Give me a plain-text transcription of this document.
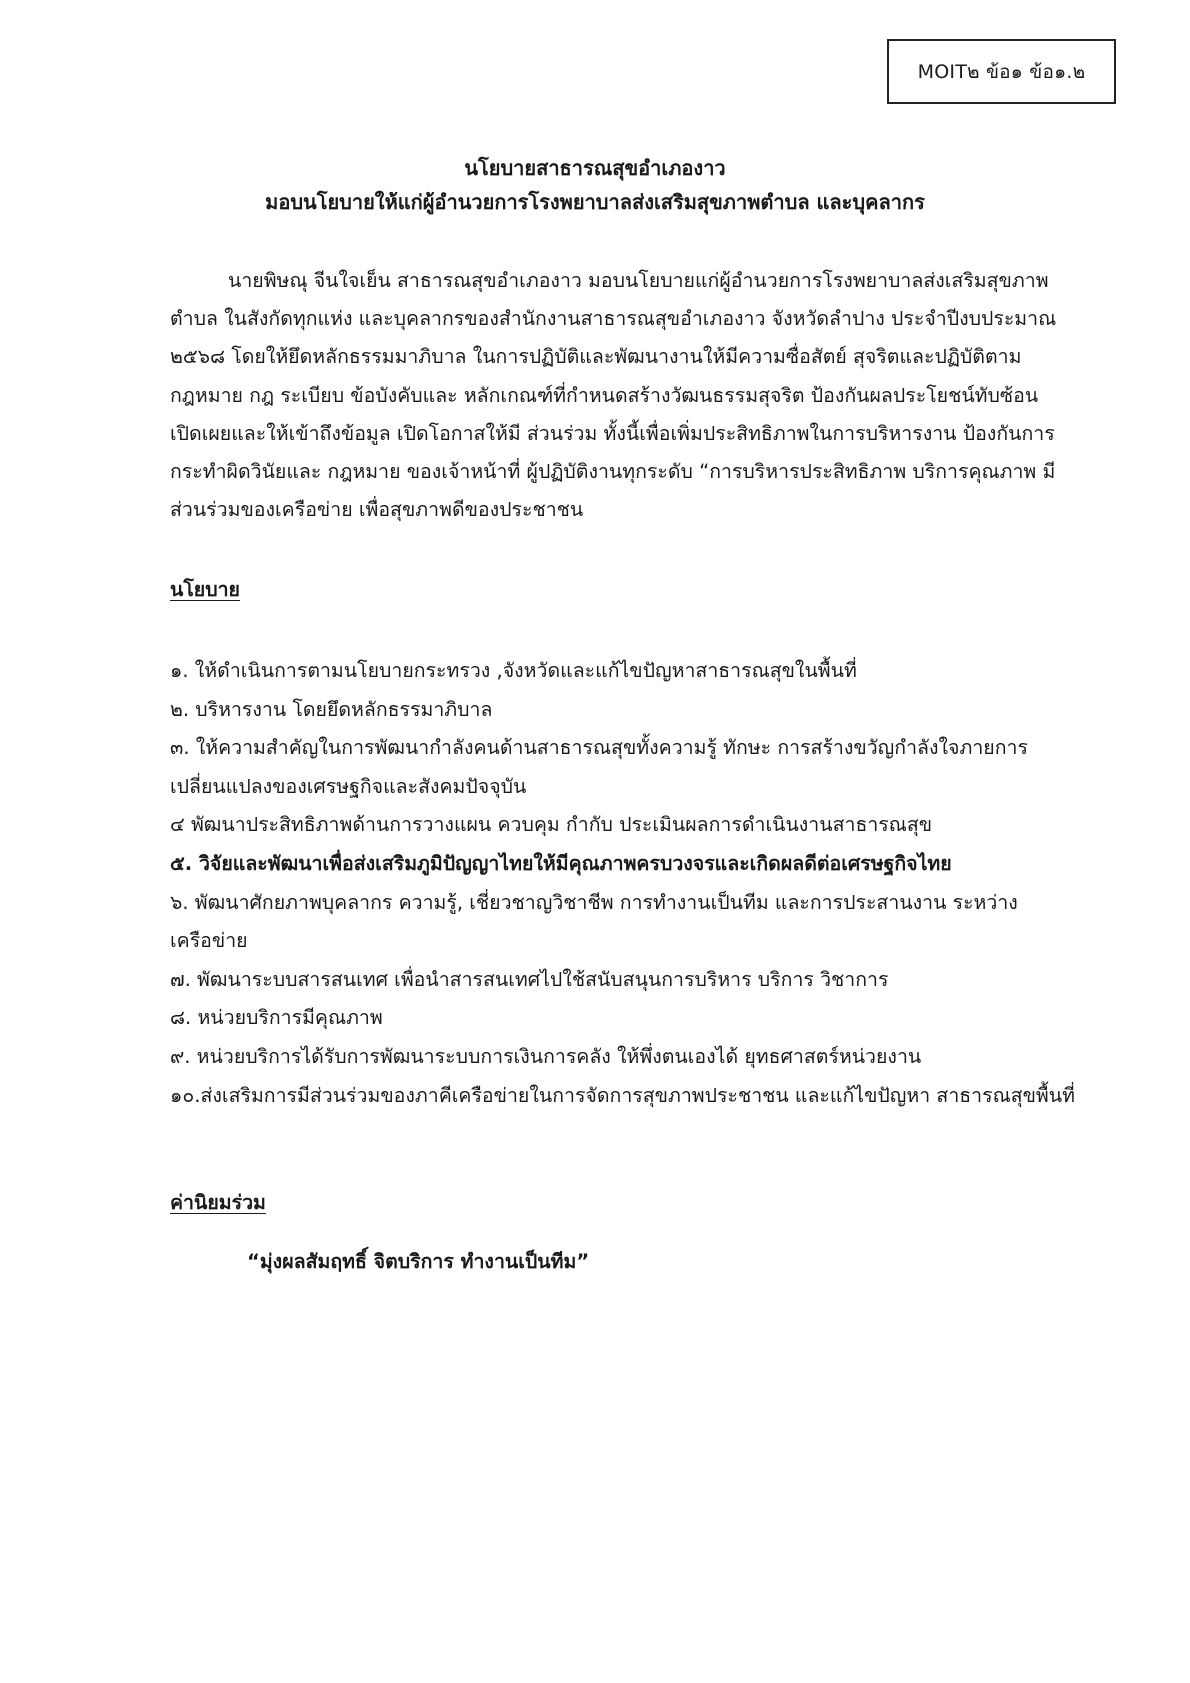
MOIT๒ ข้อ๑ ข้อ๑.๒
นโยบายสาธารณสุขอำเภองาว
มอบนโยบายให้แก่ผู้อำนวยการโรงพยาบาลส่งเสริมสุขภาพตำบล และบุคลากร
นายพิษณุ จีนใจเย็น สาธารณสุขอำเภองาว มอบนโยบายแก่ผู้อำนวยการโรงพยาบาลส่งเสริมสุขภาพ
ตำบล ในสังกัดทุกแห่ง และบุคลากรของสำนักงานสาธารณสุขอำเภองาว จังหวัดลำปาง ประจำปีงบประมาณ
๒๕๖๘ โดยให้ยึดหลักธรรมมาภิบาล ในการปฏิบัติและพัฒนางานให้มีความซื่อสัตย์ สุจริตและปฏิบัติตาม
กฎหมาย กฎ ระเบียบ ข้อบังคับและ หลักเกณฑ์ที่กำหนดสร้างวัฒนธรรมสุจริต ป้องกันผลประโยชน์ทับซ้อน
เปิดเผยและให้เข้าถึงข้อมูล เปิดโอกาสให้มี ส่วนร่วม ทั้งนี้เพื่อเพิ่มประสิทธิภาพในการบริหารงาน ป้องกันการ
กระทำผิดวินัยและ กฎหมาย ของเจ้าหน้าที่ ผู้ปฏิบัติงานทุกระดับ “การบริหารประสิทธิภาพ บริการคุณภาพ มี
ส่วนร่วมของเครือข่าย เพื่อสุขภาพดีของประชาชน
นโยบาย
๑. ให้ดำเนินการตามนโยบายกระทรวง ,จังหวัดและแก้ไขปัญหาสาธารณสุขในพื้นที่
๒. บริหารงาน โดยยึดหลักธรรมาภิบาล
๓. ให้ความสำคัญในการพัฒนากำลังคนด้านสาธารณสุขทั้งความรู้ ทักษะ การสร้างขวัญกำลังใจภายการ
เปลี่ยนแปลงของเศรษฐกิจและสังคมปัจจุบัน
๔ พัฒนาประสิทธิภาพด้านการวางแผน ควบคุม กำกับ ประเมินผลการดำเนินงานสาธารณสุข
๕. วิจัยและพัฒนาเพื่อส่งเสริมภูมิปัญญาไทยให้มีคุณภาพครบวงจรและเกิดผลดีต่อเศรษฐกิจไทย
๖. พัฒนาศักยภาพบุคลากร ความรู้, เชี่ยวชาญวิชาชีพ การทำงานเป็นทีม และการประสานงาน ระหว่าง
เครือข่าย
๗. พัฒนาระบบสารสนเทศ เพื่อนำสารสนเทศไปใช้สนับสนุนการบริหาร บริการ วิชาการ
๘. หน่วยบริการมีคุณภาพ
๙. หน่วยบริการได้รับการพัฒนาระบบการเงินการคลัง ให้พึ่งตนเองได้ ยุทธศาสตร์หน่วยงาน
๑๐.ส่งเสริมการมีส่วนร่วมของภาคีเครือข่ายในการจัดการสุขภาพประชาชน และแก้ไขปัญหา สาธารณสุขพื้นที่
ค่านิยมร่วม
“มุ่งผลสัมฤทธิ์ จิตบริการ ทำงานเป็นทีม”
